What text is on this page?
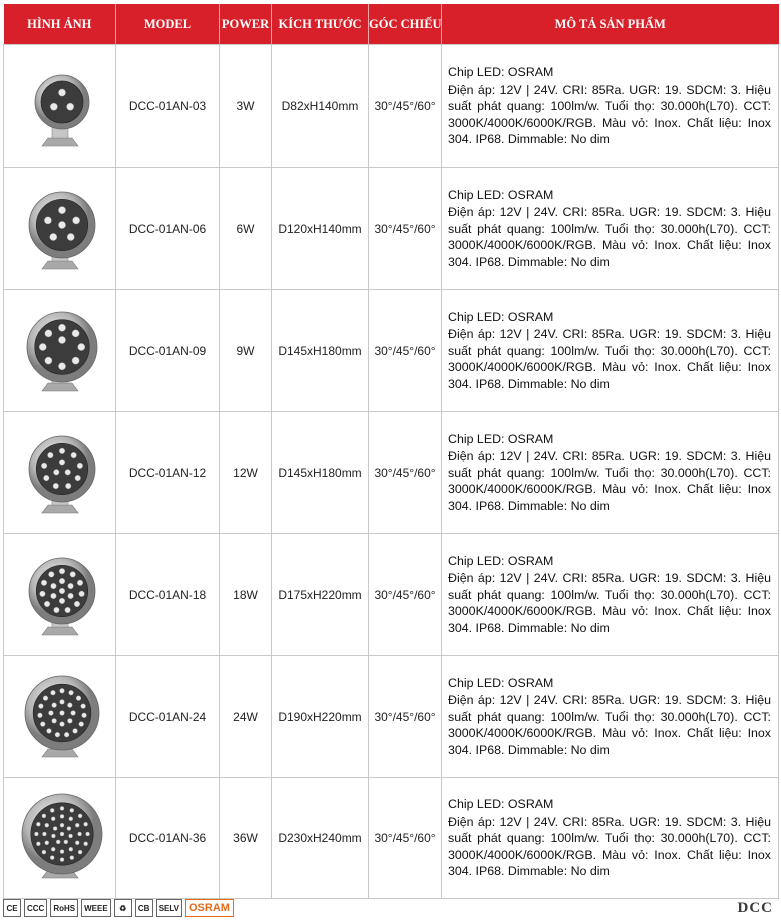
HÌNH ẢNH	MODEL	POWER	KÍCH THƯỚC	GÓC CHIẾU	MÔ TẢ SẢN PHẨM

	DCC-01AN-03	3W	D82xH140mm	30°/45°/60°	Chip LED: OSRAM
Điện áp: 12V | 24V. CRI: 85Ra. UGR: 19. SDCM: 3. Hiệu suất phát quang: 100lm/w. Tuổi thọ: 30.000h(L70). CCT: 3000K/4000K/6000K/RGB. Màu vỏ: Inox. Chất liệu: Inox 304. IP68. Dimmable: No dim

	DCC-01AN-06	6W	D120xH140mm	30°/45°/60°	Chip LED: OSRAM
Điện áp: 12V | 24V. CRI: 85Ra. UGR: 19. SDCM: 3. Hiệu suất phát quang: 100lm/w. Tuổi thọ: 30.000h(L70). CCT: 3000K/4000K/6000K/RGB. Màu vỏ: Inox. Chất liệu: Inox 304. IP68. Dimmable: No dim

	DCC-01AN-09	9W	D145xH180mm	30°/45°/60°	Chip LED: OSRAM
Điện áp: 12V | 24V. CRI: 85Ra. UGR: 19. SDCM: 3. Hiệu suất phát quang: 100lm/w. Tuổi thọ: 30.000h(L70). CCT: 3000K/4000K/6000K/RGB. Màu vỏ: Inox. Chất liệu: Inox 304. IP68. Dimmable: No dim

	DCC-01AN-12	12W	D145xH180mm	30°/45°/60°	Chip LED: OSRAM
Điện áp: 12V | 24V. CRI: 85Ra. UGR: 19. SDCM: 3. Hiệu suất phát quang: 100lm/w. Tuổi thọ: 30.000h(L70). CCT: 3000K/4000K/6000K/RGB. Màu vỏ: Inox. Chất liệu: Inox 304. IP68. Dimmable: No dim

	DCC-01AN-18	18W	D175xH220mm	30°/45°/60°	Chip LED: OSRAM
Điện áp: 12V | 24V. CRI: 85Ra. UGR: 19. SDCM: 3. Hiệu suất phát quang: 100lm/w. Tuổi thọ: 30.000h(L70). CCT: 3000K/4000K/6000K/RGB. Màu vỏ: Inox. Chất liệu: Inox 304. IP68. Dimmable: No dim

	DCC-01AN-24	24W	D190xH220mm	30°/45°/60°	Chip LED: OSRAM
Điện áp: 12V | 24V. CRI: 85Ra. UGR: 19. SDCM: 3. Hiệu suất phát quang: 100lm/w. Tuổi thọ: 30.000h(L70). CCT: 3000K/4000K/6000K/RGB. Màu vỏ: Inox. Chất liệu: Inox 304. IP68. Dimmable: No dim

	DCC-01AN-36	36W	D230xH240mm	30°/45°/60°	Chip LED: OSRAM
Điện áp: 12V | 24V. CRI: 85Ra. UGR: 19. SDCM: 3. Hiệu suất phát quang: 100lm/w. Tuổi thọ: 30.000h(L70). CCT: 3000K/4000K/6000K/RGB. Màu vỏ: Inox. Chất liệu: Inox 304. IP68. Dimmable: No dim
CE	CCC	RoHS	WEEE	♻	CB	SELV OSRAM	DCC
